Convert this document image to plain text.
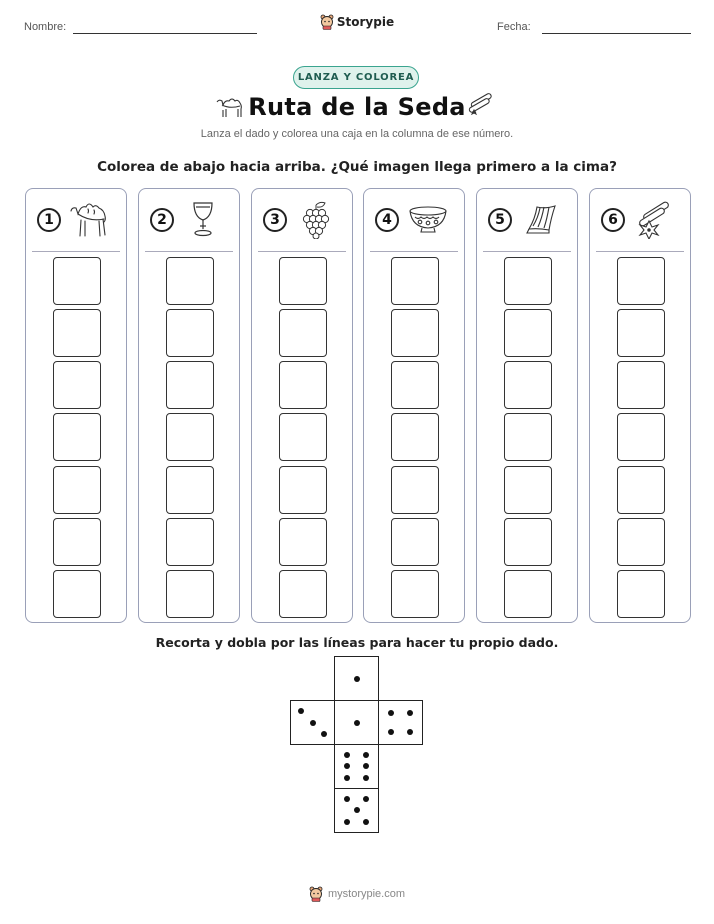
Nombre:	Fecha:
Storypie
LANZA Y COLOREA
Ruta de la Seda
Lanza el dado y colorea una caja en la columna de ese número.
Colorea de abajo hacia arriba. ¿Qué imagen llega primero a la cima?
1	2	3	4	5	6
Recorta y dobla por las líneas para hacer tu propio dado.
mystorypie.com
